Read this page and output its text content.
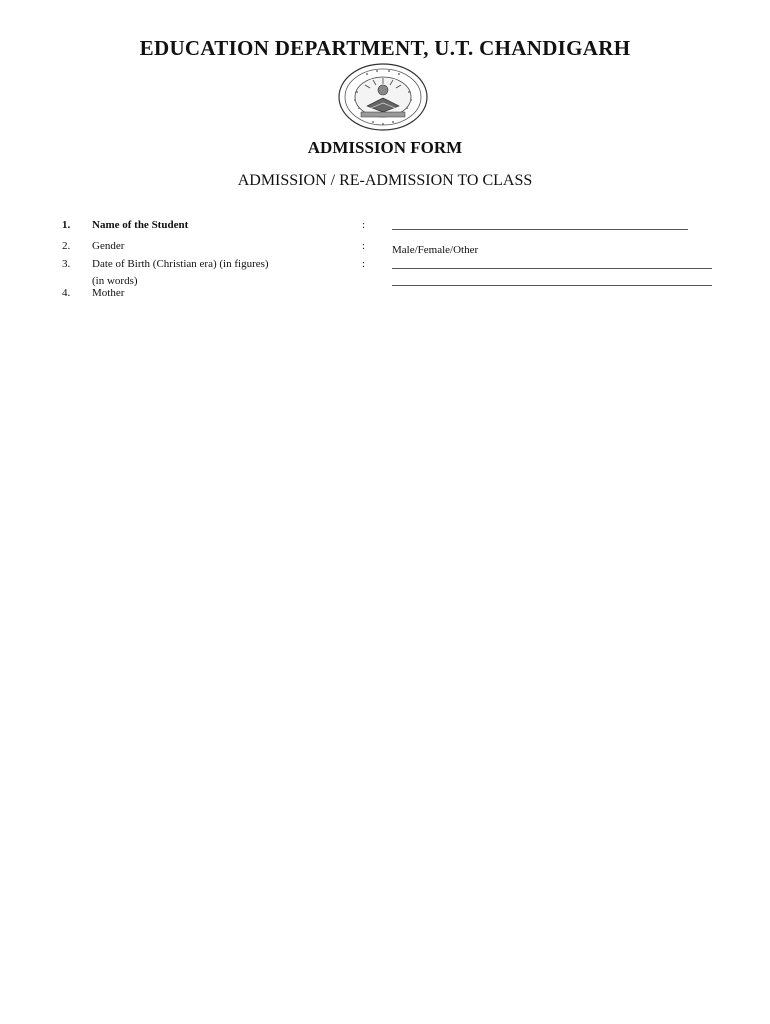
EDUCATION DEPARTMENT, U.T. CHANDIGARH
ADMISSION FORM
ADMISSION / RE-ADMISSION TO CLASS
1. Name of the Student	:
2. Gender	: Male/Female/Other
3. Date of Birth (Christian era) (in figures)	:
(in words)
4. Mother
